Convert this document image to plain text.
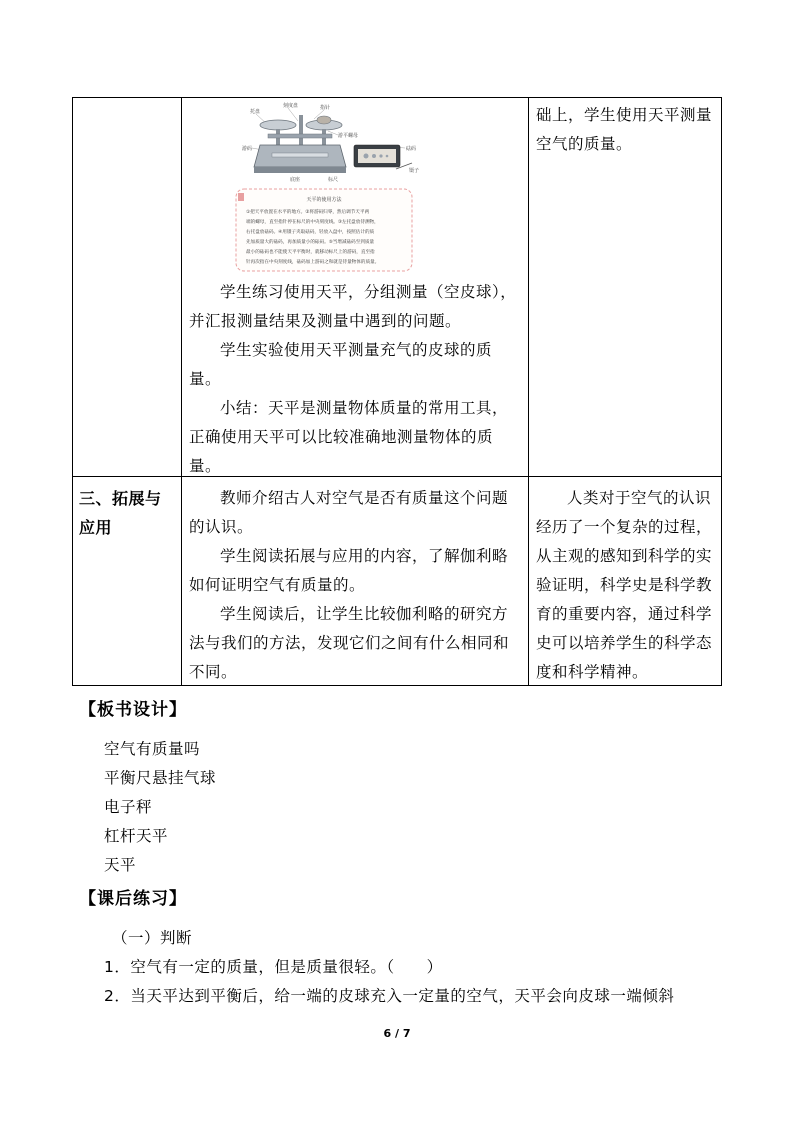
托盘
刻度盘	指针
游平螺母
砝码
游码
底座	标尺
镊子
天平的使用方法
①把天平放置在水平的地方。②将游码归零，然后调节天平两
端的螺母，直至指针停在标尺的中央刻度线。③左托盘放待测物，
右托盘放砝码。④用镊子夹取砝码，轻放入盘中，按照估计的质
先加质量大的砝码，再加质量小的砝码。⑤当增减砝码至到质量
最小的砝码也不能使天平平衡时，就移动标尺上的游码，直至指
针再次指在中央刻度线，砝码加上游码之和就是待量物体的质量。

学生练习使用天平，分组测量（空皮球），

并汇报测量结果及测量中遇到的问题。

学生实验使用天平测量充气的皮球的质

量。

小结：天平是测量物体质量的常用工具，

正确使用天平可以比较准确地测量物体的质

量。

础上，学生使用天平测量

空气的质量。

三、拓展与

应用

教师介绍古人对空气是否有质量这个问题

的认识。

学生阅读拓展与应用的内容，了解伽利略

如何证明空气有质量的。

学生阅读后，让学生比较伽利略的研究方

法与我们的方法，发现它们之间有什么相同和

不同。

人类对于空气的认识

经历了一个复杂的过程，

从主观的感知到科学的实

验证明，科学史是科学教

育的重要内容，通过科学

史可以培养学生的科学态

度和科学精神。

【板书设计】
空气有质量吗
平衡尺悬挂气球
电子秤
杠杆天平
天平
【课后练习】
（一）判断
1．空气有一定的质量，但是质量很轻。（　　）
2．当天平达到平衡后，给一端的皮球充入一定量的空气，天平会向皮球一端倾斜
6 / 7
